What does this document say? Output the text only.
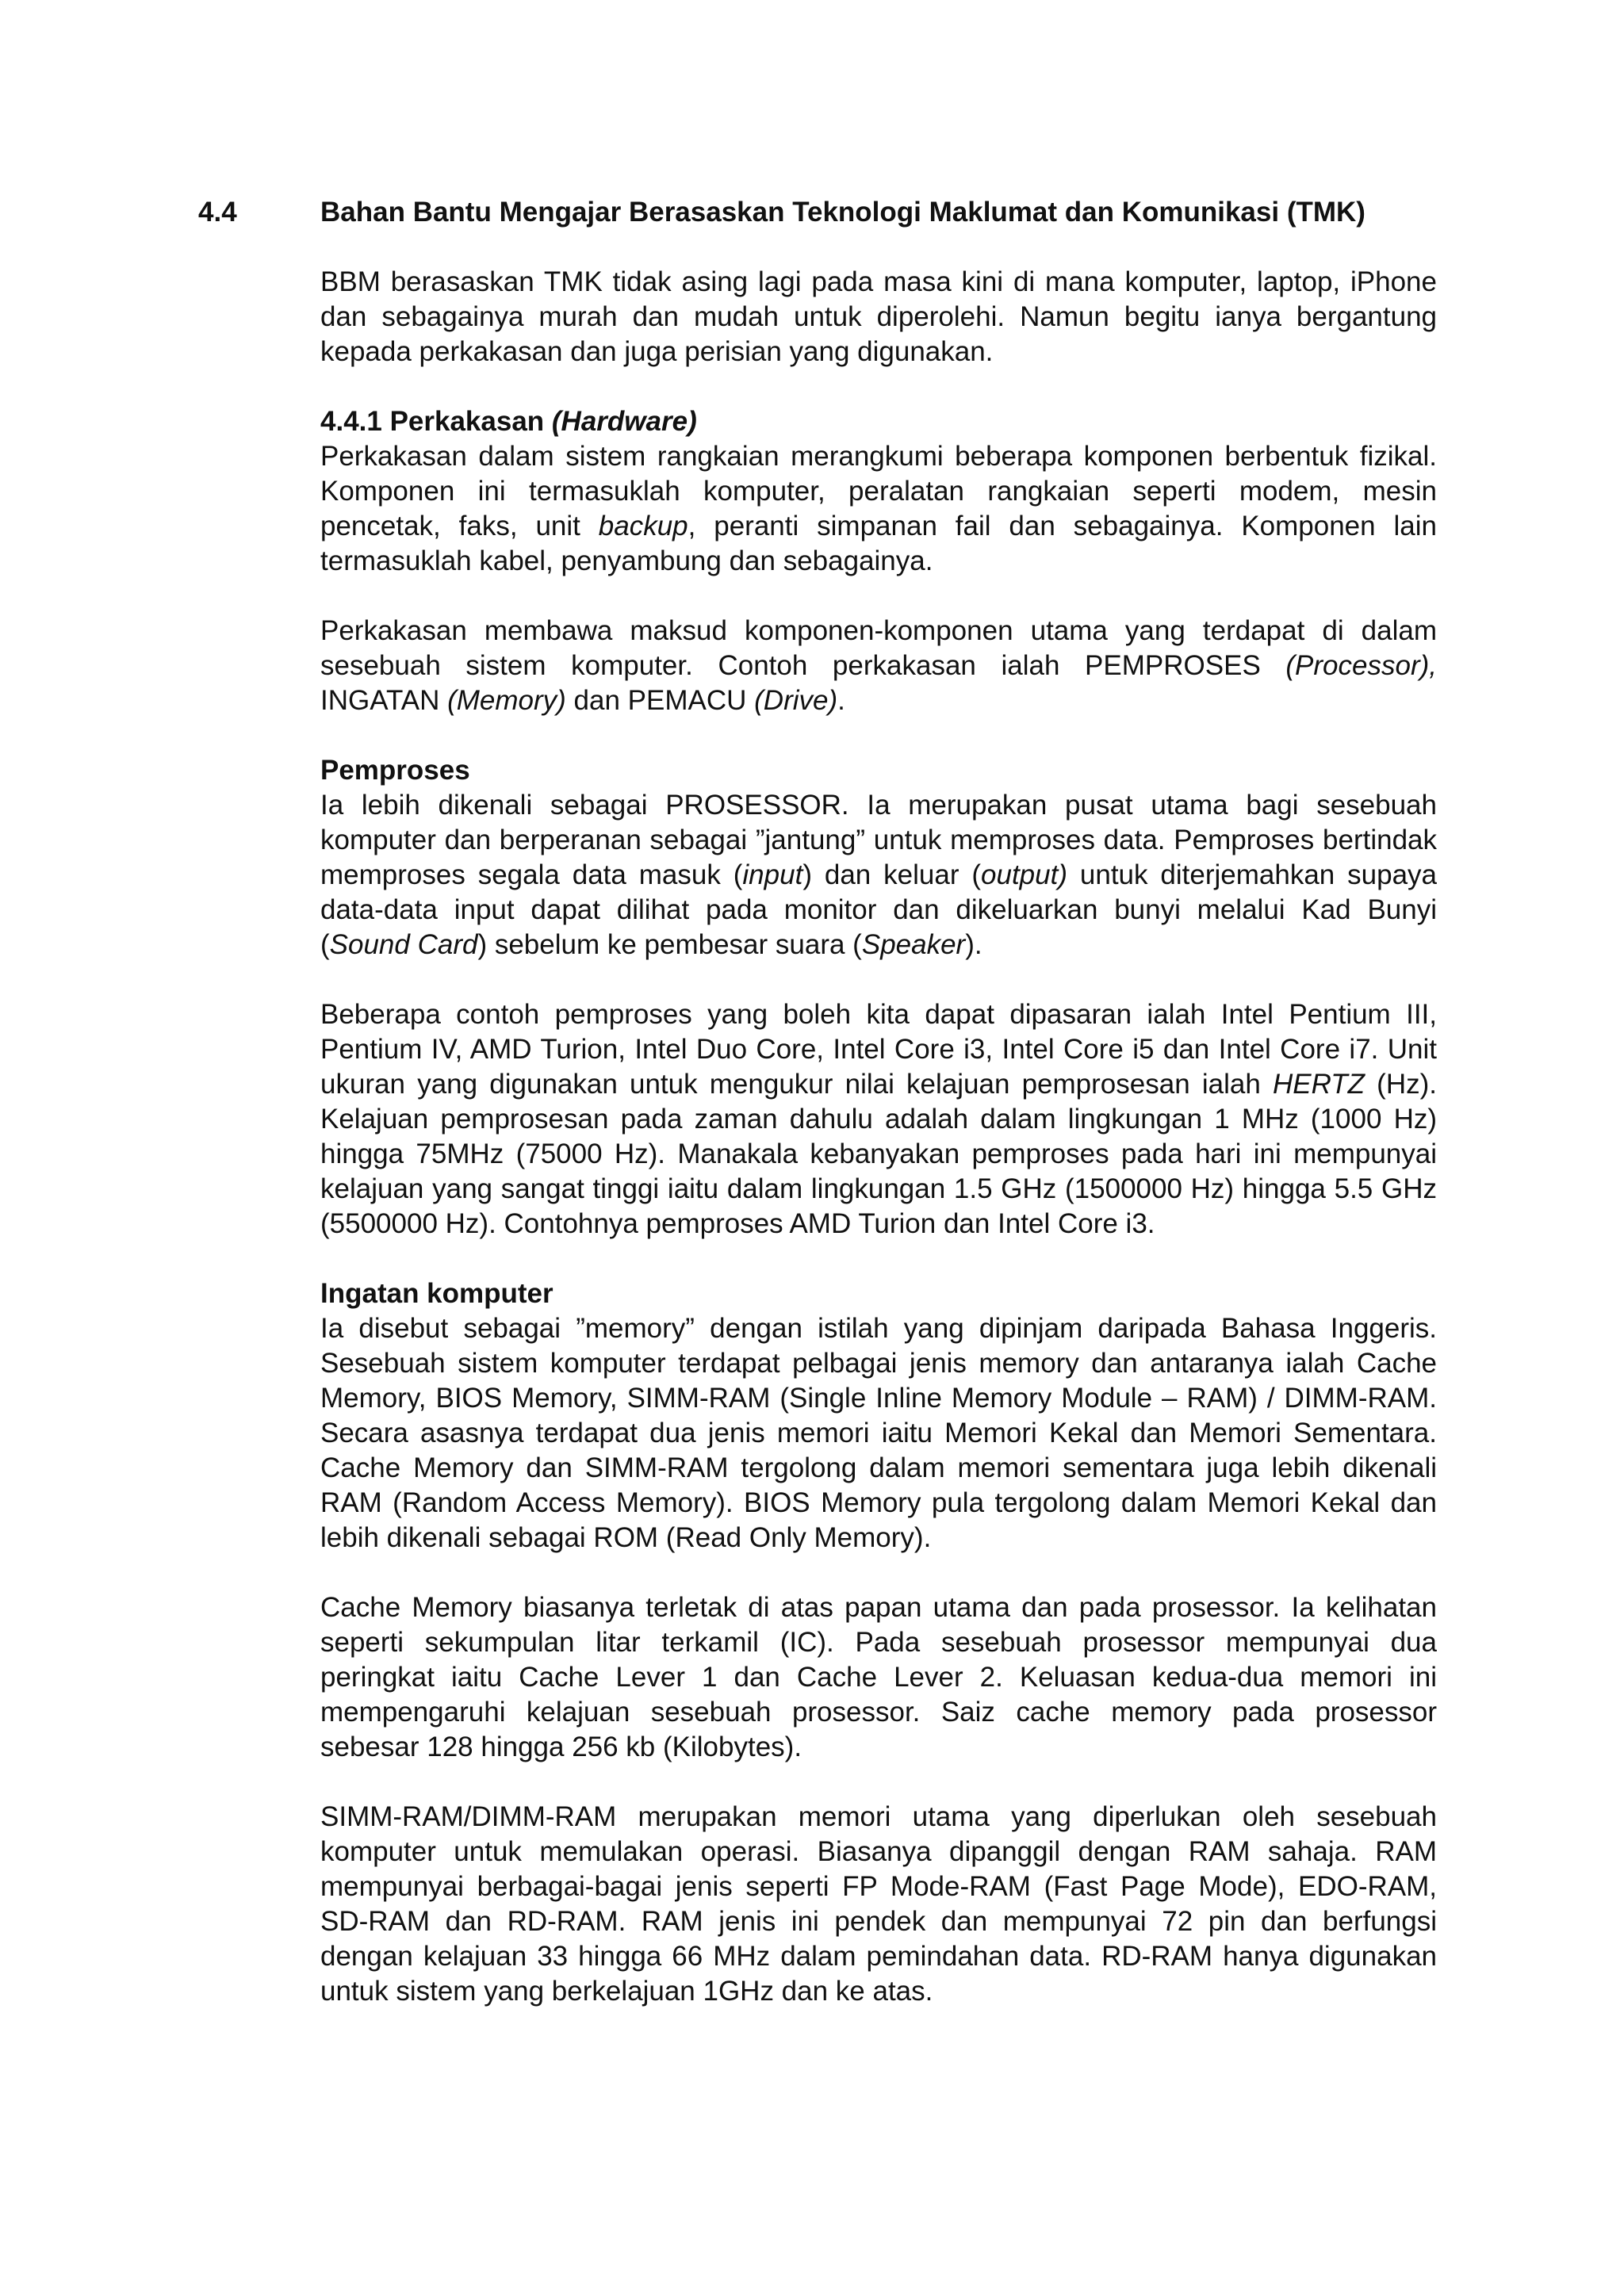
4.4	Bahan Bantu Mengajar Berasaskan Teknologi Maklumat dan Komunikasi (TMK)

BBM berasaskan TMK tidak asing lagi pada masa kini di mana komputer, laptop, iPhone dan sebagainya murah dan mudah untuk diperolehi. Namun begitu ianya bergantung kepada perkakasan dan juga perisian yang digunakan.

4.4.1 Perkakasan (Hardware)

Perkakasan dalam sistem rangkaian merangkumi beberapa komponen berbentuk fizikal. Komponen ini termasuklah komputer, peralatan rangkaian seperti modem, mesin pencetak, faks, unit backup, peranti simpanan fail dan sebagainya. Komponen lain termasuklah kabel, penyambung dan sebagainya.

Perkakasan membawa maksud komponen-komponen utama yang terdapat di dalam sesebuah sistem komputer. Contoh perkakasan ialah PEMPROSES (Processor), INGATAN (Memory) dan PEMACU (Drive).

Pemproses

Ia lebih dikenali sebagai PROSESSOR. Ia merupakan pusat utama bagi sesebuah komputer dan berperanan sebagai ”jantung” untuk memproses data. Pemproses bertindak memproses segala data masuk (input) dan keluar (output) untuk diterjemahkan supaya data-data input dapat dilihat pada monitor dan dikeluarkan bunyi melalui Kad Bunyi (Sound Card) sebelum ke pembesar suara (Speaker).

Beberapa contoh pemproses yang boleh kita dapat dipasaran ialah Intel Pentium III, Pentium IV, AMD Turion, Intel Duo Core, Intel Core i3, Intel Core i5 dan Intel Core i7. Unit ukuran yang digunakan untuk mengukur nilai kelajuan pemprosesan ialah HERTZ (Hz). Kelajuan pemprosesan pada zaman dahulu adalah dalam lingkungan 1 MHz (1000 Hz) hingga 75MHz (75000 Hz). Manakala kebanyakan pemproses pada hari ini mempunyai kelajuan yang sangat tinggi iaitu dalam lingkungan 1.5 GHz (1500000 Hz) hingga 5.5 GHz (5500000 Hz). Contohnya pemproses AMD Turion dan Intel Core i3.

Ingatan komputer

Ia disebut sebagai ”memory” dengan istilah yang dipinjam daripada Bahasa Inggeris. Sesebuah sistem komputer terdapat pelbagai jenis memory dan antaranya ialah Cache Memory, BIOS Memory, SIMM-RAM (Single Inline Memory Module – RAM) / DIMM-RAM. Secara asasnya terdapat dua jenis memori iaitu Memori Kekal dan Memori Sementara. Cache Memory dan SIMM-RAM tergolong dalam memori sementara juga lebih dikenali RAM (Random Access Memory). BIOS Memory pula tergolong dalam Memori Kekal dan lebih dikenali sebagai ROM (Read Only Memory).

Cache Memory biasanya terletak di atas papan utama dan pada prosessor. Ia kelihatan seperti sekumpulan litar terkamil (IC). Pada sesebuah prosessor mempunyai dua peringkat iaitu Cache Lever 1 dan Cache Lever 2. Keluasan kedua-dua memori ini mempengaruhi kelajuan sesebuah prosessor. Saiz cache memory pada prosessor sebesar 128 hingga 256 kb (Kilobytes).

SIMM-RAM/DIMM-RAM merupakan memori utama yang diperlukan oleh sesebuah komputer untuk memulakan operasi. Biasanya dipanggil dengan RAM sahaja. RAM mempunyai berbagai-bagai jenis seperti FP Mode-RAM (Fast Page Mode), EDO-RAM, SD-RAM dan RD-RAM. RAM jenis ini pendek dan mempunyai 72 pin dan berfungsi dengan kelajuan 33 hingga 66 MHz dalam pemindahan data. RD-RAM hanya digunakan untuk sistem yang berkelajuan 1GHz dan ke atas.
